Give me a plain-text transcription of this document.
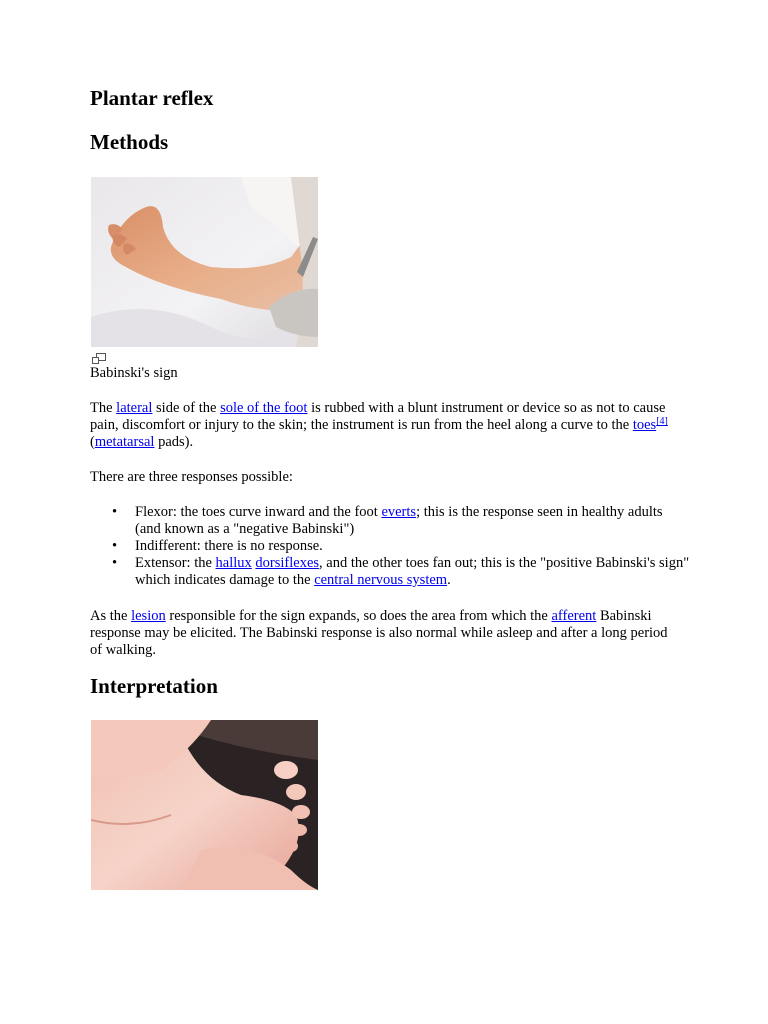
Plantar reflex
Methods
Babinski's sign

The lateral side of the sole of the foot is rubbed with a blunt instrument or device so as not to cause pain, discomfort or injury to the skin; the instrument is run from the heel along a curve to the toes[4] (metatarsal pads).

There are three responses possible:

• Flexor: the toes curve inward and the foot everts; this is the response seen in healthy adults (and known as a "negative Babinski")
• Indifferent: there is no response.
• Extensor: the hallux dorsiflexes, and the other toes fan out; this is the "positive Babinski's sign" which indicates damage to the central nervous system.

As the lesion responsible for the sign expands, so does the area from which the afferent Babinski response may be elicited. The Babinski response is also normal while asleep and after a long period of walking.

Interpretation
